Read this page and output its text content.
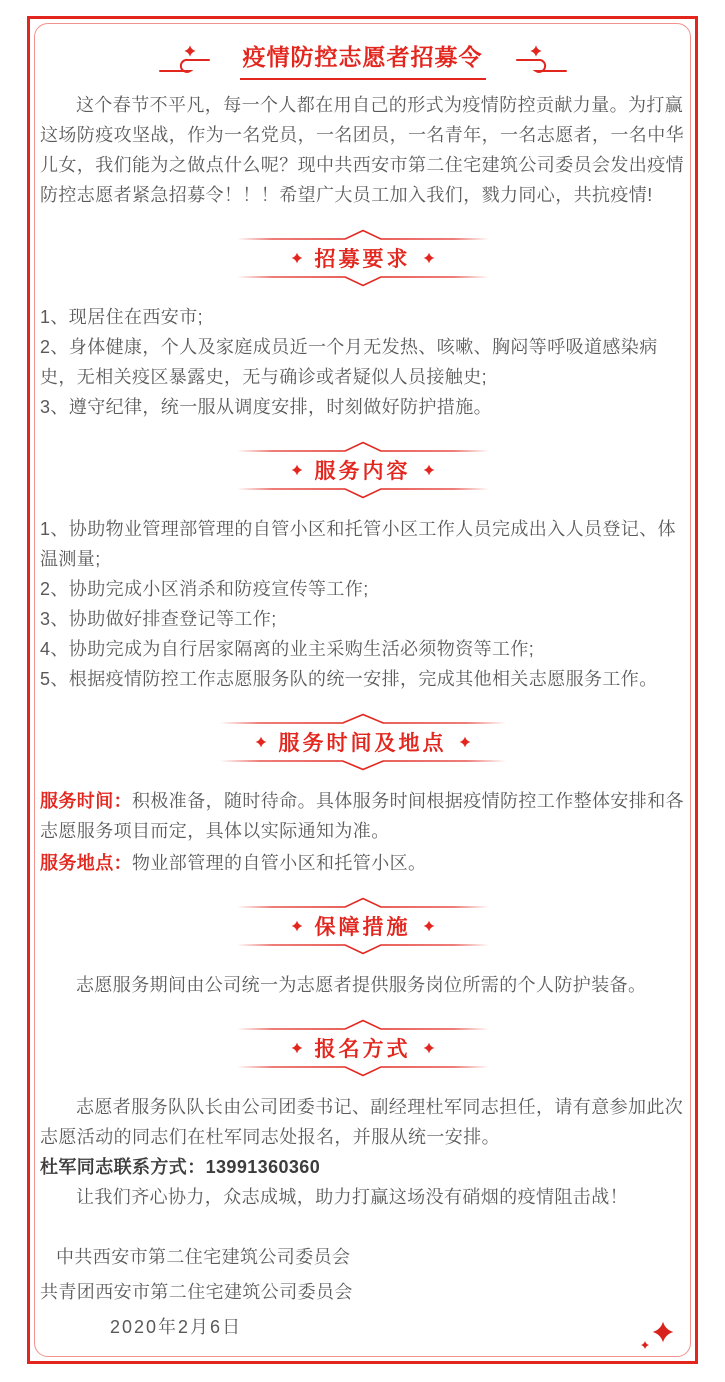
疫情防控志愿者招募令

这个春节不平凡，每一个人都在用自己的形式为疫情防控贡献力量。为打赢这场防疫攻坚战，作为一名党员，一名团员，一名青年，一名志愿者，一名中华儿女，我们能为之做点什么呢？现中共西安市第二住宅建筑公司委员会发出疫情防控志愿者紧急招募令！！！希望广大员工加入我们，戮力同心，共抗疫情!

招募要求

1、现居住在西安市;

2、身体健康，个人及家庭成员近一个月无发热、咳嗽、胸闷等呼吸道感染病史，无相关疫区暴露史，无与确诊或者疑似人员接触史;

3、遵守纪律，统一服从调度安排，时刻做好防护措施。

服务内容

1、协助物业管理部管理的自管小区和托管小区工作人员完成出入人员登记、体温测量;

2、协助完成小区消杀和防疫宣传等工作;

3、协助做好排查登记等工作;

4、协助完成为自行居家隔离的业主采购生活必须物资等工作;

5、根据疫情防控工作志愿服务队的统一安排，完成其他相关志愿服务工作。

服务时间及地点

服务时间：积极准备，随时待命。具体服务时间根据疫情防控工作整体安排和各志愿服务项目而定，具体以实际通知为准。

服务地点：物业部管理的自管小区和托管小区。

保障措施

志愿服务期间由公司统一为志愿者提供服务岗位所需的个人防护装备。

报名方式

志愿者服务队队长由公司团委书记、副经理杜军同志担任，请有意参加此次志愿活动的同志们在杜军同志处报名，并服从统一安排。

杜军同志联系方式：13991360360

让我们齐心协力，众志成城，助力打赢这场没有硝烟的疫情阻击战！

中共西安市第二住宅建筑公司委员会

共青团西安市第二住宅建筑公司委员会

2020年2月6日
